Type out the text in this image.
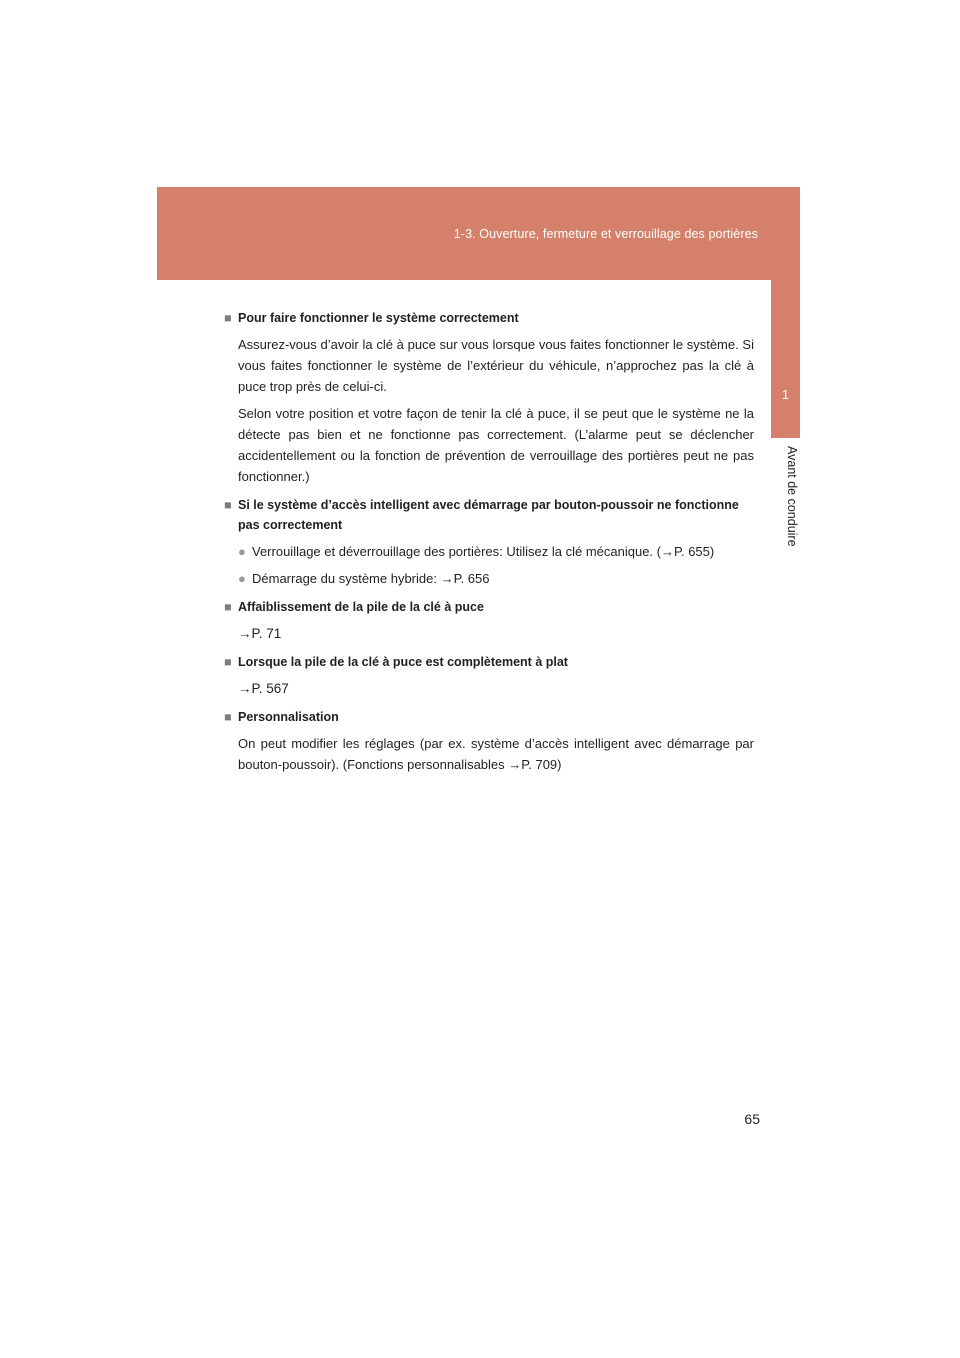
1-3. Ouverture, fermeture et verrouillage des portières
1
Avant de conduire
■ Pour faire fonctionner le système correctement
Assurez-vous d’avoir la clé à puce sur vous lorsque vous faites fonctionner le système. Si vous faites fonctionner le système de l’extérieur du véhicule, n’approchez pas la clé à puce trop près de celui-ci.
Selon votre position et votre façon de tenir la clé à puce, il se peut que le système ne la détecte pas bien et ne fonctionne pas correctement. (L’alarme peut se déclencher accidentellement ou la fonction de prévention de verrouillage des portières peut ne pas fonctionner.)
■ Si le système d’accès intelligent avec démarrage par bouton-poussoir ne fonctionne pas correctement
● Verrouillage et déverrouillage des portières: Utilisez la clé mécanique. (→P. 655)
● Démarrage du système hybride: →P. 656
■ Affaiblissement de la pile de la clé à puce
→P. 71
■ Lorsque la pile de la clé à puce est complètement à plat
→P. 567
■ Personnalisation
On peut modifier les réglages (par ex. système d’accès intelligent avec démarrage par bouton-poussoir). (Fonctions personnalisables →P. 709)
65
